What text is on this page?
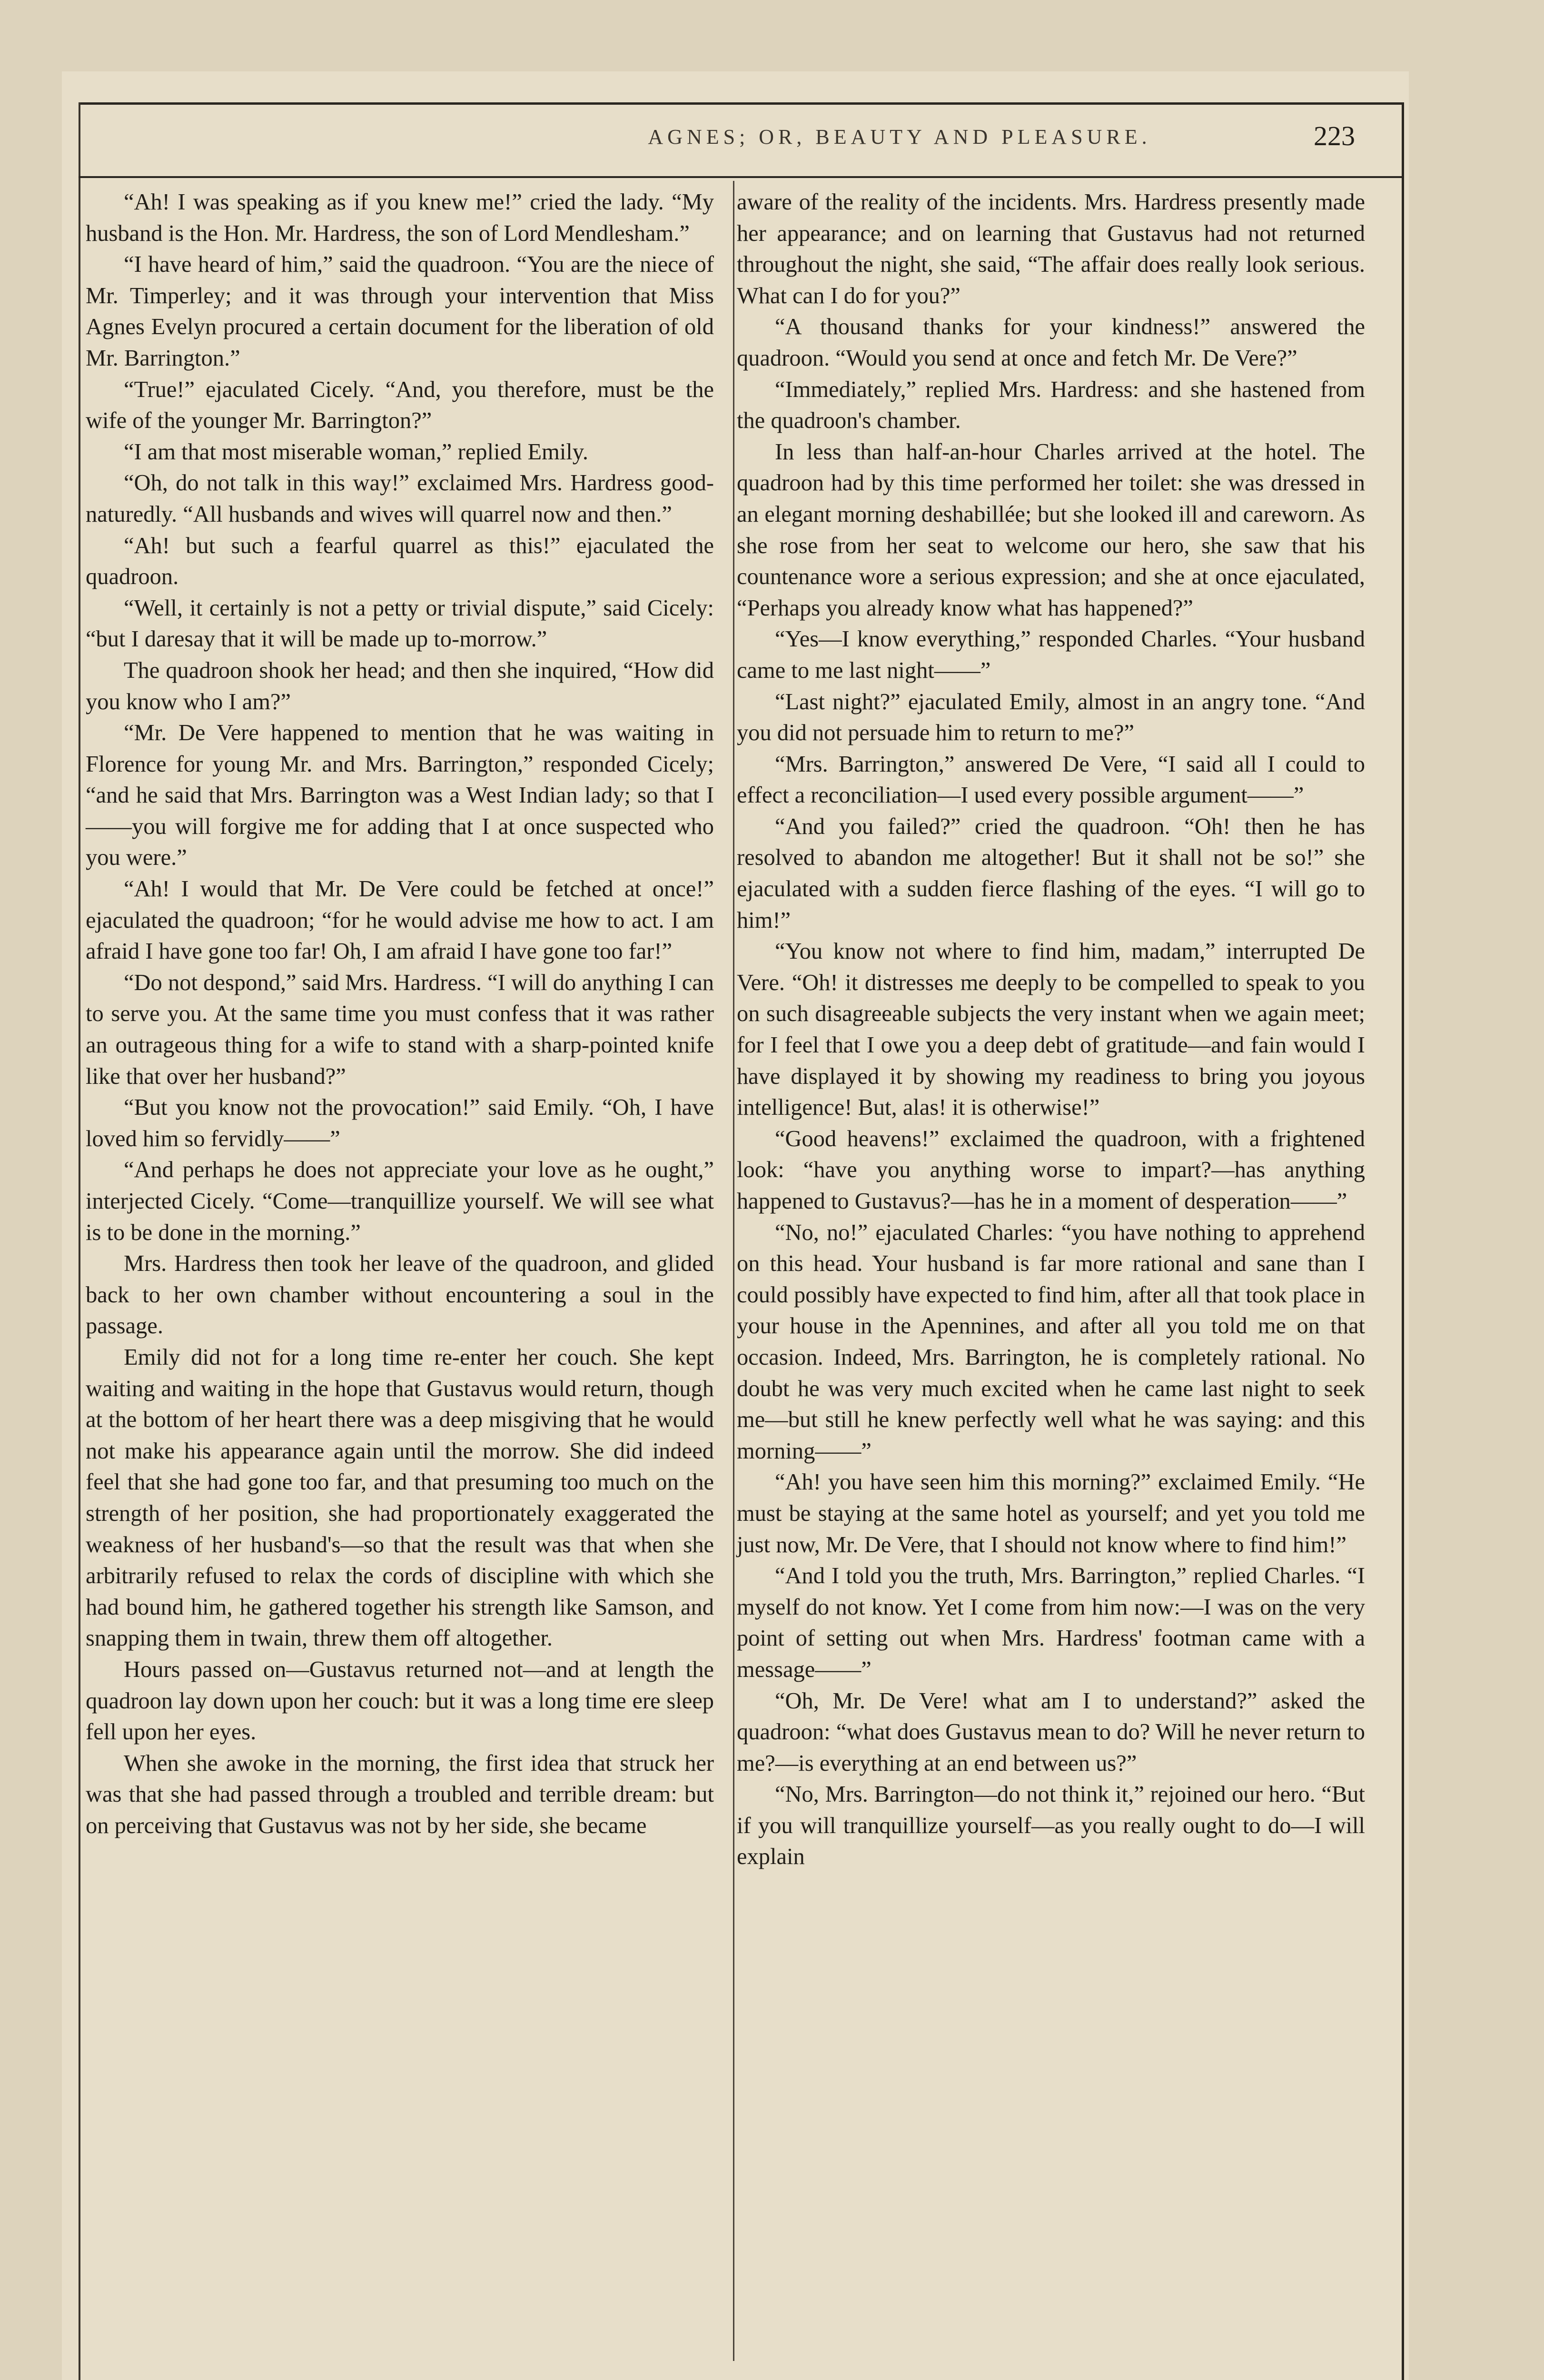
AGNES; OR, BEAUTY AND PLEASURE.	223

“Ah! I was speaking as if you knew me!” cried the lady. “My husband is the Hon. Mr. Hardress, the son of Lord Mendlesham.”

“I have heard of him,” said the quadroon. “You are the niece of Mr. Timperley; and it was through your intervention that Miss Agnes Evelyn procured a certain document for the liberation of old Mr. Barrington.”

“True!” ejaculated Cicely. “And, you therefore, must be the wife of the younger Mr. Barrington?”

“I am that most miserable woman,” replied Emily.

“Oh, do not talk in this way!” exclaimed Mrs. Hardress good-naturedly. “All husbands and wives will quarrel now and then.”

“Ah! but such a fearful quarrel as this!” ejaculated the quadroon.

“Well, it certainly is not a petty or trivial dispute,” said Cicely: “but I daresay that it will be made up to-morrow.”

The quadroon shook her head; and then she inquired, “How did you know who I am?”

“Mr. De Vere happened to mention that he was waiting in Florence for young Mr. and Mrs. Barrington,” responded Cicely; “and he said that Mrs. Barrington was a West Indian lady; so that I——you will forgive me for adding that I at once suspected who you were.”

“Ah! I would that Mr. De Vere could be fetched at once!” ejaculated the quadroon; “for he would advise me how to act. I am afraid I have gone too far! Oh, I am afraid I have gone too far!”

“Do not despond,” said Mrs. Hardress. “I will do anything I can to serve you. At the same time you must confess that it was rather an outrageous thing for a wife to stand with a sharp-pointed knife like that over her husband?”

“But you know not the provocation!” said Emily. “Oh, I have loved him so fervidly——”

“And perhaps he does not appreciate your love as he ought,” interjected Cicely. “Come—tranquillize yourself. We will see what is to be done in the morning.”

Mrs. Hardress then took her leave of the quadroon, and glided back to her own chamber without encountering a soul in the passage.

Emily did not for a long time re-enter her couch. She kept waiting and waiting in the hope that Gustavus would return, though at the bottom of her heart there was a deep misgiving that he would not make his appearance again until the morrow. She did indeed feel that she had gone too far, and that presuming too much on the strength of her position, she had proportionately exaggerated the weakness of her husband's—so that the result was that when she arbitrarily refused to relax the cords of discipline with which she had bound him, he gathered together his strength like Samson, and snapping them in twain, threw them off altogether.

Hours passed on—Gustavus returned not—and at length the quadroon lay down upon her couch: but it was a long time ere sleep fell upon her eyes.

When she awoke in the morning, the first idea that struck her was that she had passed through a troubled and terrible dream: but on perceiving that Gustavus was not by her side, she became

aware of the reality of the incidents. Mrs. Hardress presently made her appearance; and on learning that Gustavus had not returned throughout the night, she said, “The affair does really look serious. What can I do for you?”

“A thousand thanks for your kindness!” answered the quadroon. “Would you send at once and fetch Mr. De Vere?”

“Immediately,” replied Mrs. Hardress: and she hastened from the quadroon's chamber.

In less than half-an-hour Charles arrived at the hotel. The quadroon had by this time performed her toilet: she was dressed in an elegant morning deshabillée; but she looked ill and careworn. As she rose from her seat to welcome our hero, she saw that his countenance wore a serious expression; and she at once ejaculated, “Perhaps you already know what has happened?”

“Yes—I know everything,” responded Charles. “Your husband came to me last night——”

“Last night?” ejaculated Emily, almost in an angry tone. “And you did not persuade him to return to me?”

“Mrs. Barrington,” answered De Vere, “I said all I could to effect a reconciliation—I used every possible argument——”

“And you failed?” cried the quadroon. “Oh! then he has resolved to abandon me altogether! But it shall not be so!” she ejaculated with a sudden fierce flashing of the eyes. “I will go to him!”

“You know not where to find him, madam,” interrupted De Vere. “Oh! it distresses me deeply to be compelled to speak to you on such disagreeable subjects the very instant when we again meet; for I feel that I owe you a deep debt of gratitude—and fain would I have displayed it by showing my readiness to bring you joyous intelligence! But, alas! it is otherwise!”

“Good heavens!” exclaimed the quadroon, with a frightened look: “have you anything worse to impart?—has anything happened to Gustavus?—has he in a moment of desperation——”

“No, no!” ejaculated Charles: “you have nothing to apprehend on this head. Your husband is far more rational and sane than I could possibly have expected to find him, after all that took place in your house in the Apennines, and after all you told me on that occasion. Indeed, Mrs. Barrington, he is completely rational. No doubt he was very much excited when he came last night to seek me—but still he knew perfectly well what he was saying: and this morning——”

“Ah! you have seen him this morning?” exclaimed Emily. “He must be staying at the same hotel as yourself; and yet you told me just now, Mr. De Vere, that I should not know where to find him!”

“And I told you the truth, Mrs. Barrington,” replied Charles. “I myself do not know. Yet I come from him now:—I was on the very point of setting out when Mrs. Hardress' footman came with a message——”

“Oh, Mr. De Vere! what am I to understand?” asked the quadroon: “what does Gustavus mean to do? Will he never return to me?—is everything at an end between us?”

“No, Mrs. Barrington—do not think it,” rejoined our hero. “But if you will tranquillize yourself—as you really ought to do—I will explain
